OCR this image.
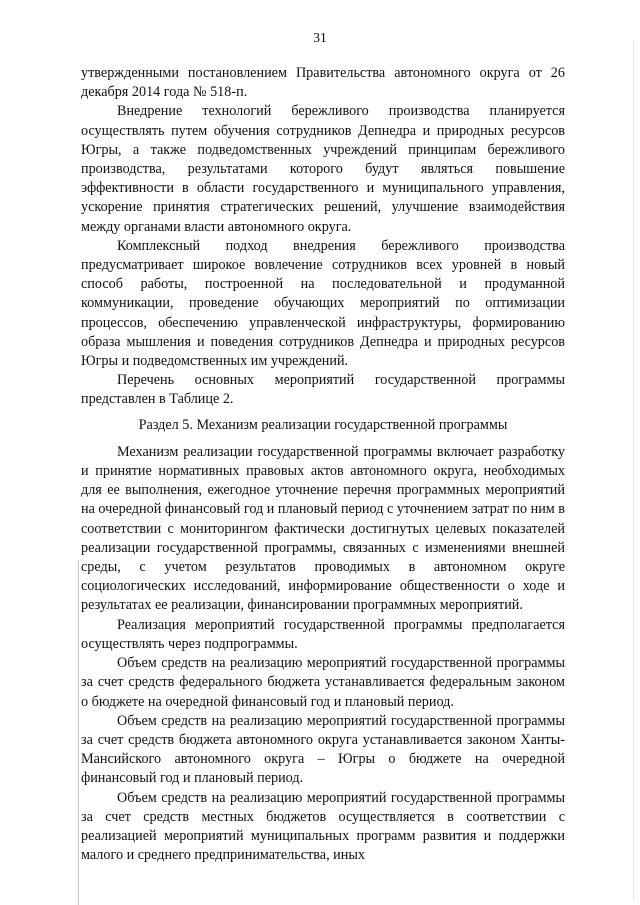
31

утвержденными постановлением Правительства автономного округа от 26 декабря 2014 года № 518-п.

Внедрение технологий бережливого производства планируется осуществлять путем обучения сотрудников Депнедра и природных ресурсов Югры, а также подведомственных учреждений принципам бережливого производства, результатами которого будут являться повышение эффективности в области государственного и муниципального управления, ускорение принятия стратегических решений, улучшение взаимодействия между органами власти автономного округа.

Комплексный подход внедрения бережливого производства предусматривает широкое вовлечение сотрудников всех уровней в новый способ работы, построенной на последовательной и продуманной коммуникации, проведение обучающих мероприятий по оптимизации процессов, обеспечению управленческой инфраструктуры, формированию образа мышления и поведения сотрудников Депнедра и природных ресурсов Югры и подведомственных им учреждений.

Перечень основных мероприятий государственной программы представлен в Таблице 2.

Раздел 5. Механизм реализации государственной программы

Механизм реализации государственной программы включает разработку и принятие нормативных правовых актов автономного округа, необходимых для ее выполнения, ежегодное уточнение перечня программных мероприятий на очередной финансовый год и плановый период с уточнением затрат по ним в соответствии с мониторингом фактически достигнутых целевых показателей реализации государственной программы, связанных с изменениями внешней среды, с учетом результатов проводимых в автономном округе социологических исследований, информирование общественности о ходе и результатах ее реализации, финансировании программных мероприятий.

Реализация мероприятий государственной программы предполагается осуществлять через подпрограммы.

Объем средств на реализацию мероприятий государственной программы за счет средств федерального бюджета устанавливается федеральным законом о бюджете на очередной финансовый год и плановый период.

Объем средств на реализацию мероприятий государственной программы за счет средств бюджета автономного округа устанавливается законом Ханты-Мансийского автономного округа – Югры о бюджете на очередной финансовый год и плановый период.

Объем средств на реализацию мероприятий государственной программы за счет средств местных бюджетов осуществляется в соответствии с реализацией мероприятий муниципальных программ развития и поддержки малого и среднего предпринимательства, иных
